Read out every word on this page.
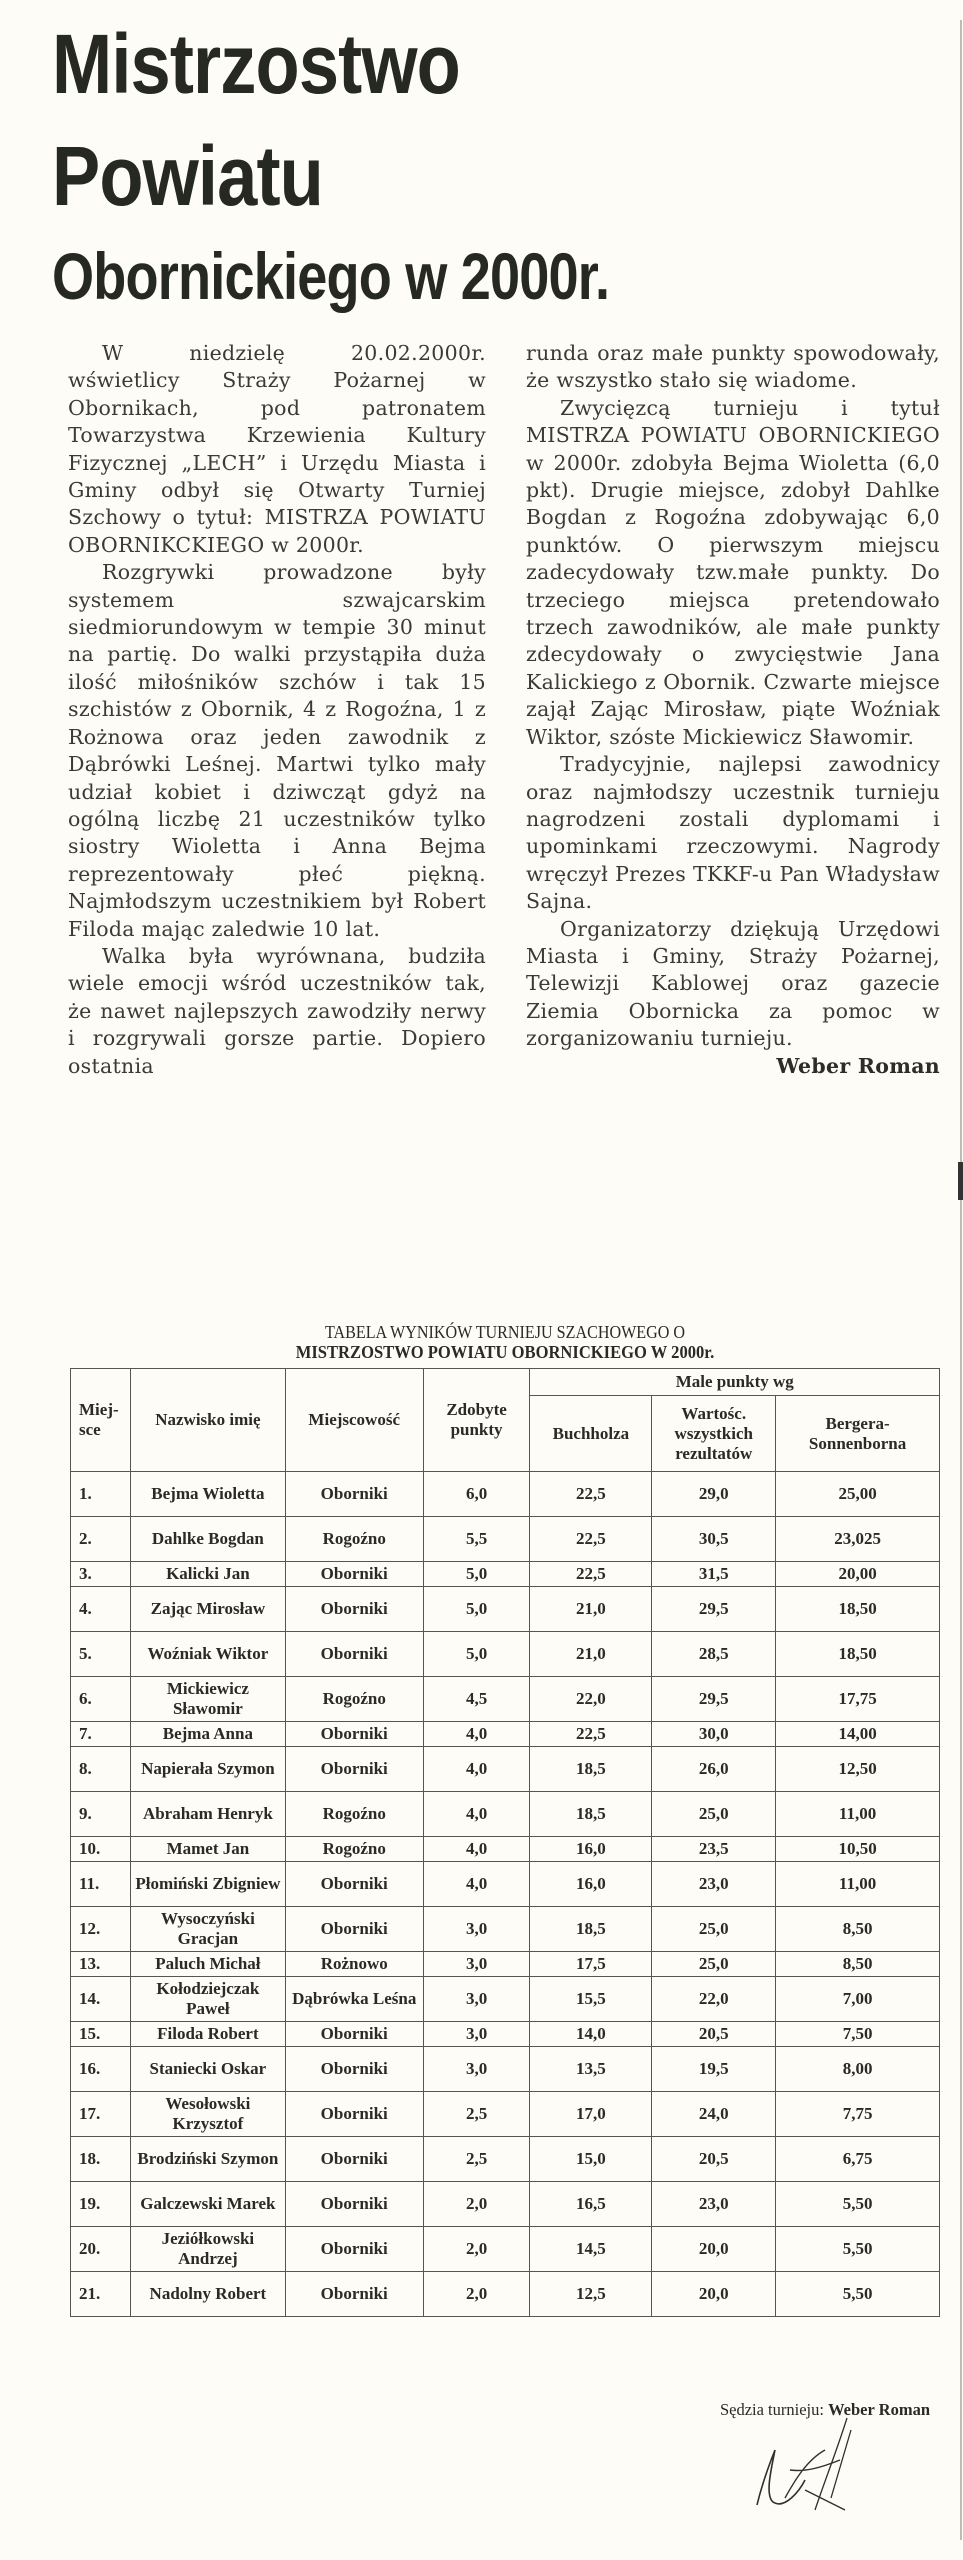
Mistrzostwo
Powiatu
Obornickiego w 2000r.

W niedzielę 20.02.2000r. wświetlicy Straży Pożarnej w Obornikach, pod patronatem Towarzystwa Krzewienia Kultury Fizycznej „LECH” i Urzędu Miasta i Gminy odbył się Otwarty Turniej Szchowy o tytuł: MISTRZA POWIATU OBORNIKCKIEGO w 2000r.

Rozgrywki prowadzone były systemem szwajcarskim siedmiorundowym w tempie 30 minut na partię. Do walki przystąpiła duża ilość miłośników szchów i tak 15 szchistów z Obornik, 4 z Rogoźna, 1 z Rożnowa oraz jeden zawodnik z Dąbrówki Leśnej. Martwi tylko mały udział kobiet i dziwcząt gdyż na ogólną liczbę 21 uczestników tylko siostry Wioletta i Anna Bejma reprezentowały płeć piękną. Najmłodszym uczestnikiem był Robert Filoda mając zaledwie 10 lat.

Walka była wyrównana, budziła wiele emocji wśród uczestników tak, że nawet najlepszych zawodziły nerwy i rozgrywali gorsze partie. Dopiero ostatnia

runda oraz małe punkty spowodowały, że wszystko stało się wiadome.

Zwycięzcą turnieju i tytuł MISTRZA POWIATU OBORNICKIEGO w 2000r. zdobyła Bejma Wioletta (6,0 pkt). Drugie miejsce, zdobył Dahlke Bogdan z Rogoźna zdobywając 6,0 punktów. O pierwszym miejscu zadecydowały tzw.małe punkty. Do trzeciego miejsca pretendowało trzech zawodników, ale małe punkty zdecydowały o zwycięstwie Jana Kalickiego z Obornik. Czwarte miejsce zajął Zając Mirosław, piąte Woźniak Wiktor, szóste Mickiewicz Sławomir.

Tradycyjnie, najlepsi zawodnicy oraz najmłodszy uczestnik turnieju nagrodzeni zostali dyplomami i upominkami rzeczowymi. Nagrody wręczył Prezes TKKF-u Pan Władysław Sajna.

Organizatorzy dziękują Urzędowi Miasta i Gminy, Straży Pożarnej, Telewizji Kablowej oraz gazecie Ziemia Obornicka za pomoc w zorganizowaniu turnieju.

Weber Roman

TABELA WYNIKÓW TURNIEJU SZACHOWEGO O
MISTRZOSTWO POWIATU OBORNICKIEGO W 2000r.
Miej-
sce	Nazwisko imię	Miejscowość	Zdobyte punkty	Male punkty wg		
				Buchholza	Wartośc. wszystkich rezultatów	Bergera-Sonnenborna
1.	Bejma Wioletta	Oborniki	6,0	22,5	29,0	25,00
2.	Dahlke Bogdan	Rogoźno	5,5	22,5	30,5	23,025
3.	Kalicki Jan	Oborniki	5,0	22,5	31,5	20,00
4.	Zając Mirosław	Oborniki	5,0	21,0	29,5	18,50
5.	Woźniak Wiktor	Oborniki	5,0	21,0	28,5	18,50
6.	Mickiewicz Sławomir	Rogoźno	4,5	22,0	29,5	17,75
7.	Bejma Anna	Oborniki	4,0	22,5	30,0	14,00
8.	Napierała Szymon	Oborniki	4,0	18,5	26,0	12,50
9.	Abraham Henryk	Rogoźno	4,0	18,5	25,0	11,00
10.	Mamet Jan	Rogoźno	4,0	16,0	23,5	10,50
11.	Płomiński Zbigniew	Oborniki	4,0	16,0	23,0	11,00
12.	Wysoczyński Gracjan	Oborniki	3,0	18,5	25,0	8,50
13.	Paluch Michał	Rożnowo	3,0	17,5	25,0	8,50
14.	Kołodziejczak Paweł	Dąbrówka Leśna	3,0	15,5	22,0	7,00
15.	Filoda Robert	Oborniki	3,0	14,0	20,5	7,50
16.	Staniecki Oskar	Oborniki	3,0	13,5	19,5	8,00
17.	Wesołowski Krzysztof	Oborniki	2,5	17,0	24,0	7,75
18.	Brodziński Szymon	Oborniki	2,5	15,0	20,5	6,75
19.	Galczewski Marek	Oborniki	2,0	16,5	23,0	5,50
20.	Jeziółkowski Andrzej	Oborniki	2,0	14,5	20,0	5,50
21.	Nadolny Robert	Oborniki	2,0	12,5	20,0	5,50
Sędzia turnieju: Weber Roman
